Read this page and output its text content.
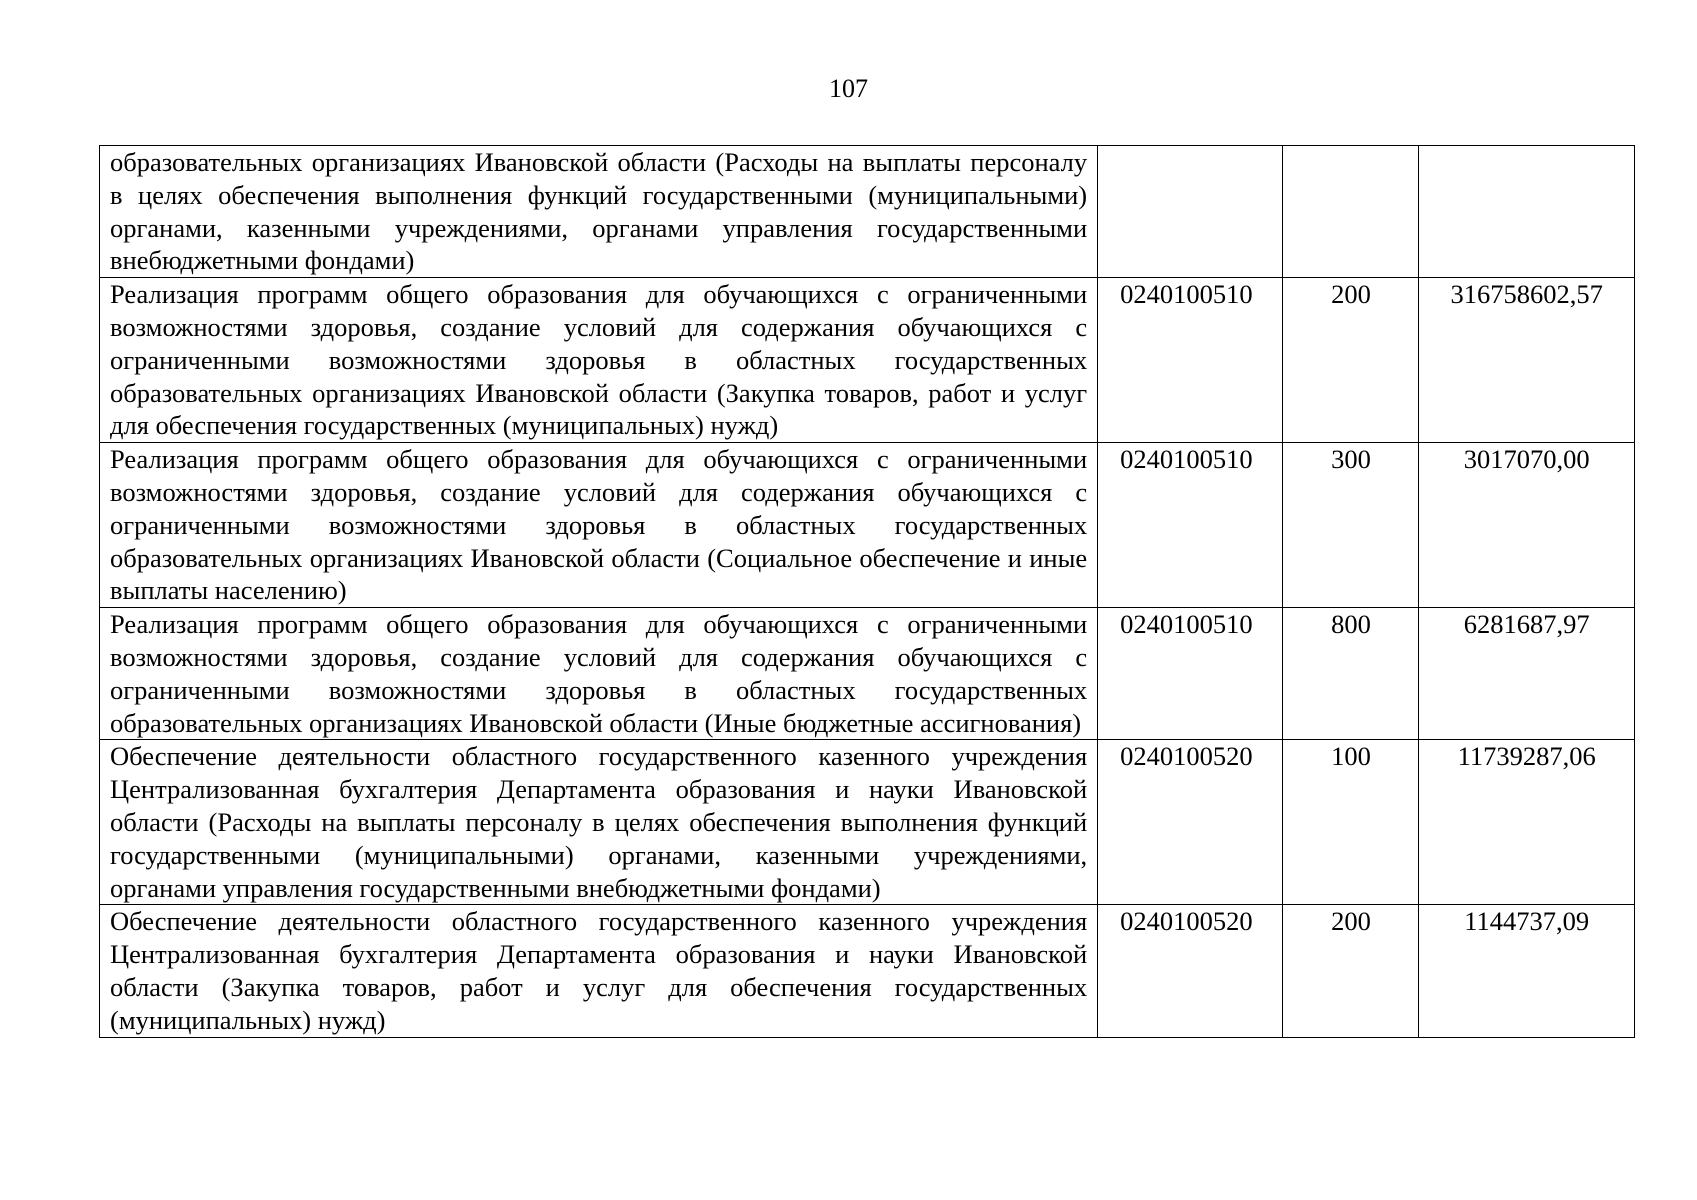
107
образовательных организациях Ивановской области (Расходы на выплаты персоналу в целях обеспечения выполнения функций государственными (муниципальными) органами, казенными учреждениями, органами управления государственными внебюджетными фондами)			
Реализация программ общего образования для обучающихся с ограниченными возможностями здоровья, создание условий для содержания обучающихся с ограниченными возможностями здоровья в областных государственных образовательных организациях Ивановской области (Закупка товаров, работ и услуг для обеспечения государственных (муниципальных) нужд)	0240100510	200	316758602,57
Реализация программ общего образования для обучающихся с ограниченными возможностями здоровья, создание условий для содержания обучающихся с ограниченными возможностями здоровья в областных государственных образовательных организациях Ивановской области (Социальное обеспечение и иные выплаты населению)	0240100510	300	3017070,00
Реализация программ общего образования для обучающихся с ограниченными возможностями здоровья, создание условий для содержания обучающихся с ограниченными возможностями здоровья в областных государственных образовательных организациях Ивановской области (Иные бюджетные ассигнования)	0240100510	800	6281687,97
Обеспечение деятельности областного государственного казенного учреждения Централизованная бухгалтерия Департамента образования и науки Ивановской области (Расходы на выплаты персоналу в целях обеспечения выполнения функций государственными (муниципальными) органами, казенными учреждениями, органами управления государственными внебюджетными фондами)	0240100520	100	11739287,06
Обеспечение деятельности областного государственного казенного учреждения Централизованная бухгалтерия Департамента образования и науки Ивановской области (Закупка товаров, работ и услуг для обеспечения государственных (муниципальных) нужд)	0240100520	200	1144737,09
